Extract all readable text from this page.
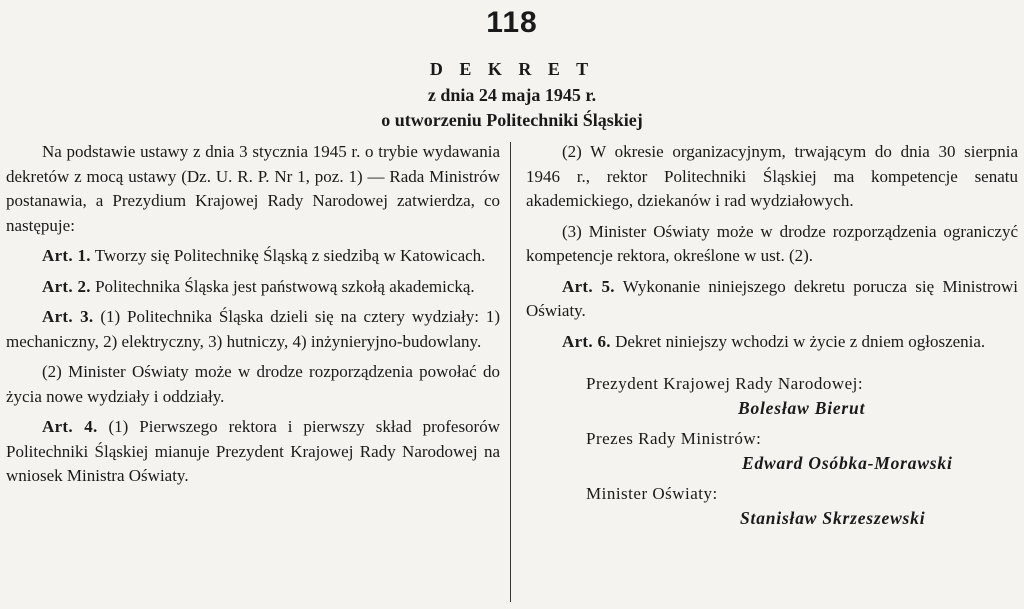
118
D E K R E T
z dnia 24 maja 1945 r.
o utworzeniu Politechniki Śląskiej

Na podstawie ustawy z dnia 3 stycznia 1945 r. o trybie wydawania dekretów z mocą ustawy (Dz. U. R. P. Nr 1, poz. 1) — Rada Ministrów postanawia, a Prezydium Krajowej Rady Narodowej zatwierdza, co następuje:

Art. 1. Tworzy się Politechnikę Śląską z siedzibą w Katowicach.

Art. 2. Politechnika Śląska jest państwową szkołą akademicką.

Art. 3. (1) Politechnika Śląska dzieli się na cztery wydziały: 1) mechaniczny, 2) elektryczny, 3) hutniczy, 4) inżynieryjno-budowlany.

(2) Minister Oświaty może w drodze rozporządzenia powołać do życia nowe wydziały i oddziały.

Art. 4. (1) Pierwszego rektora i pierwszy skład profesorów Politechniki Śląskiej mianuje Prezydent Krajowej Rady Narodowej na wniosek Ministra Oświaty.

(2) W okresie organizacyjnym, trwającym do dnia 30 sierpnia 1946 r., rektor Politechniki Śląskiej ma kompetencje senatu akademickiego, dziekanów i rad wydziałowych.

(3) Minister Oświaty może w drodze rozporządzenia ograniczyć kompetencje rektora, określone w ust. (2).

Art. 5. Wykonanie niniejszego dekretu porucza się Ministrowi Oświaty.

Art. 6. Dekret niniejszy wchodzi w życie z dniem ogłoszenia.

Prezydent Krajowej Rady Narodowej:
Bolesław Bierut
Prezes Rady Ministrów:
Edward Osóbka-Morawski
Minister Oświaty:
Stanisław Skrzeszewski
